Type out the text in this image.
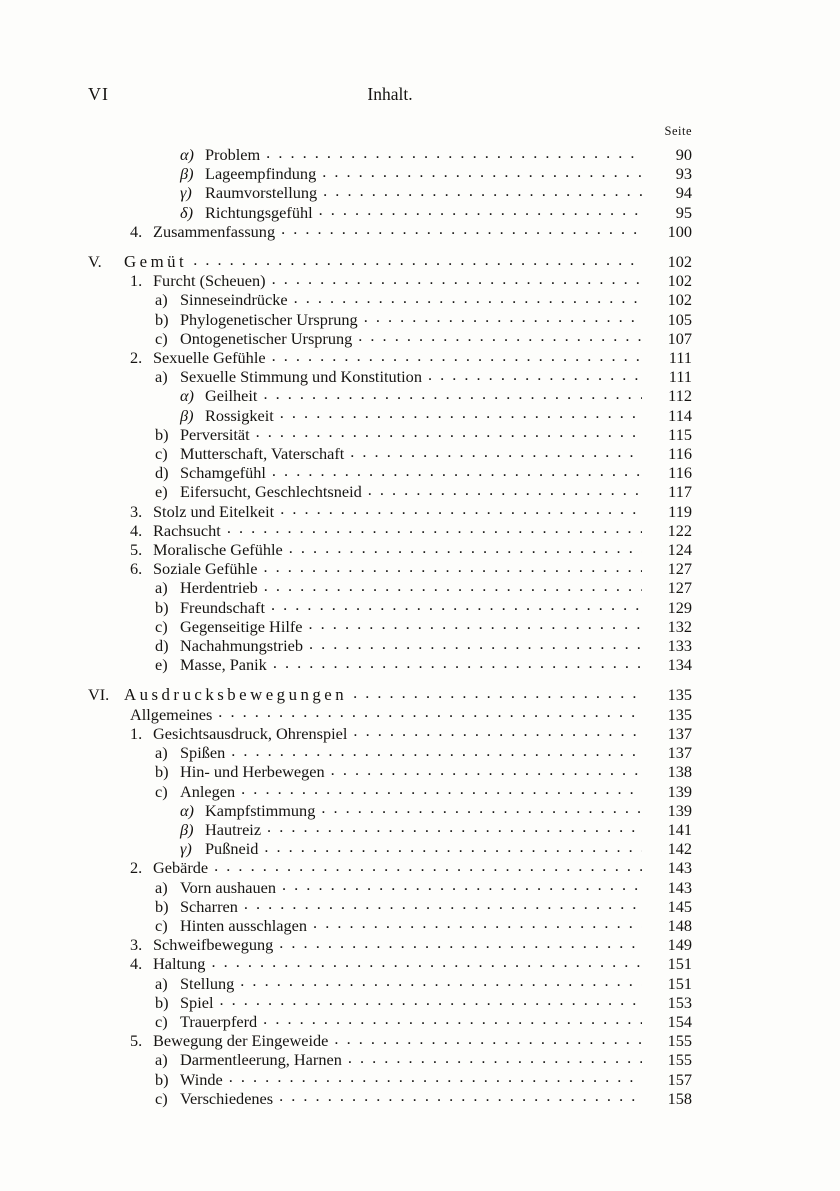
VI	Inhalt.
Seite
α) Problem . . .	90
β) Lageempfindung . . .	93
γ) Raumvorstellung . . .	94
δ) Richtungsgefühl . . .	95
4. Zusammenfassung . . .	100
V.	Gemüt . . .	102
1. Furcht (Scheuen) . . .	102
a) Sinneseindrücke . . .	102
b) Phylogenetischer Ursprung . . .	105
c) Ontogenetischer Ursprung . . .	107
2. Sexuelle Gefühle . . .	111
a) Sexuelle Stimmung und Konstitution . . .	111
α) Geilheit . . .	112
β) Rossigkeit . . .	114
b) Perversität . . .	115
c) Mutterschaft, Vaterschaft . . .	116
d) Schamgefühl . . .	116
e) Eifersucht, Geschlechtsneid . . .	117
3. Stolz und Eitelkeit . . .	119
4. Rachsucht . . .	122
5. Moralische Gefühle . . .	124
6. Soziale Gefühle . . .	127
a) Herdentrieb . . .	127
b) Freundschaft . . .	129
c) Gegenseitige Hilfe . . .	132
d) Nachahmungstrieb . . .	133
e) Masse, Panik . . .	134
VI. Ausdrucksbewegungen . . .	135
Allgemeines . . .	135
1. Gesichtsausdruck, Ohrenspiel . . .	137
a) Spißen . . .	137
b) Hin- und Herbewegen . . .	138
c) Anlegen . . .	139
α) Kampfstimmung . . .	139
β) Hautreiz . . .	141
γ) Pußneid . . .	142
2. Gebärde . . .	143
a) Vorn aushauen . . .	143
b) Scharren . . .	145
c) Hinten ausschlagen . . .	148
3. Schweifbewegung . . .	149
4. Haltung . . .	151
a) Stellung . . .	151
b) Spiel . . .	153
c) Trauerpferd . . .	154
5. Bewegung der Eingeweide . . .	155
a) Darmentleerung, Harnen . . .	155
b) Winde . . .	157
c) Verschiedenes . . .	158
